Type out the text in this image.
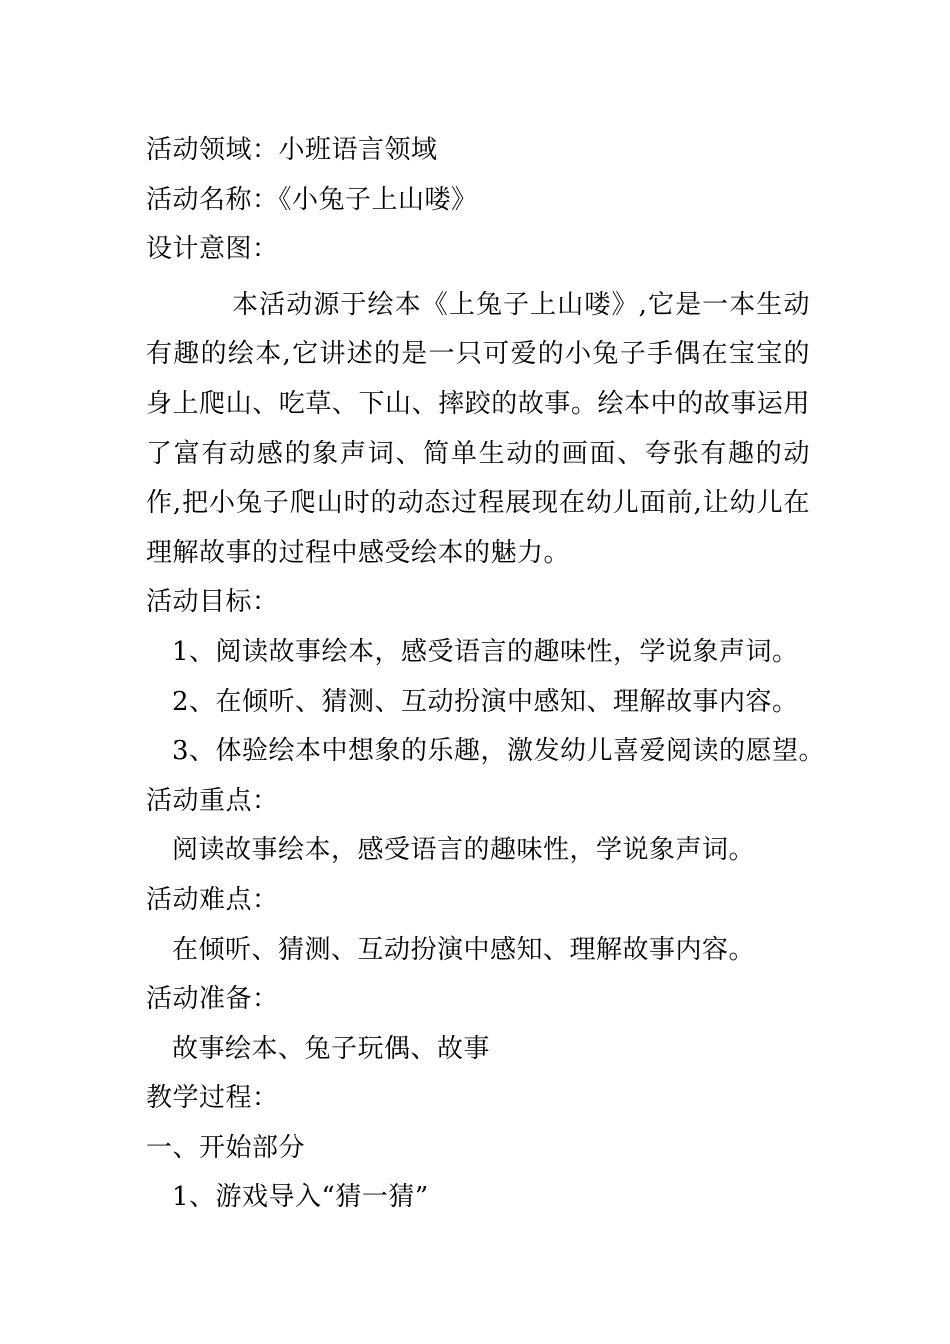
活动领域：小班语言领域
活动名称：《小兔子上山喽》
设计意图：

本活动源于绘本《上兔子上山喽》,它是一本生动有趣的绘本,它讲述的是一只可爱的小兔子手偶在宝宝的身上爬山、吃草、下山、摔跤的故事。绘本中的故事运用了富有动感的象声词、简单生动的画面、夸张有趣的动作,把小兔子爬山时的动态过程展现在幼儿面前,让幼儿在理解故事的过程中感受绘本的魅力。

活动目标：
1、阅读故事绘本，感受语言的趣味性，学说象声词。
2、在倾听、猜测、互动扮演中感知、理解故事内容。
3、体验绘本中想象的乐趣，激发幼儿喜爱阅读的愿望。
活动重点：
阅读故事绘本，感受语言的趣味性，学说象声词。
活动难点：
在倾听、猜测、互动扮演中感知、理解故事内容。
活动准备：
故事绘本、兔子玩偶、故事
教学过程：
一、开始部分
1、游戏导入“猜一猜”
